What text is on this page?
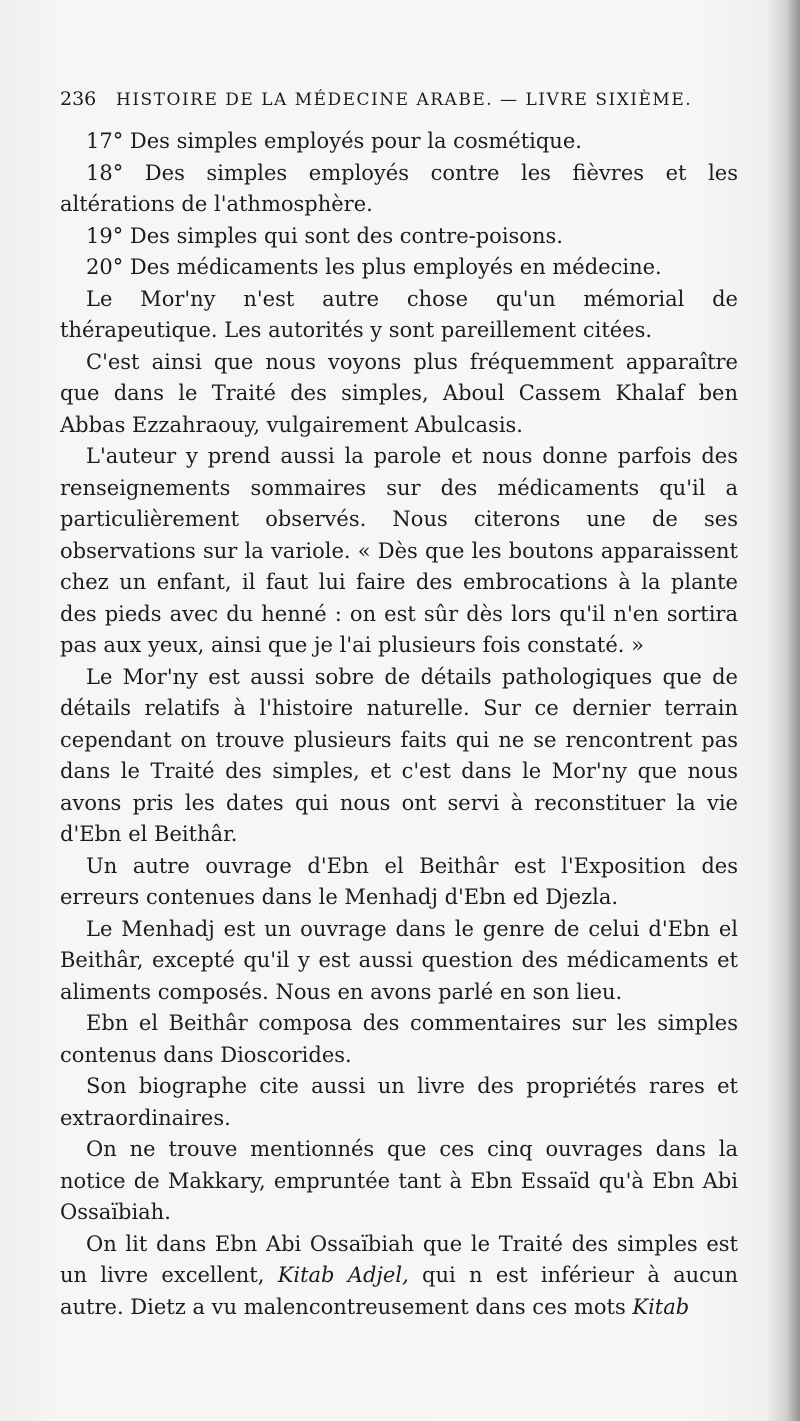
236 HISTOIRE DE LA MÉDECINE ARABE. — LIVRE SIXIÈME.

17° Des simples employés pour la cosmétique.

18° Des simples employés contre les fièvres et les altérations de l'athmosphère.

19° Des simples qui sont des contre-poisons.

20° Des médicaments les plus employés en médecine.

Le Mor'ny n'est autre chose qu'un mémorial de thérapeutique. Les autorités y sont pareillement citées.

C'est ainsi que nous voyons plus fréquemment apparaître que dans le Traité des simples, Aboul Cassem Khalaf ben Abbas Ezzahraouy, vulgairement Abulcasis.

L'auteur y prend aussi la parole et nous donne parfois des renseignements sommaires sur des médicaments qu'il a particulièrement observés. Nous citerons une de ses observations sur la variole. « Dès que les boutons apparaissent chez un enfant, il faut lui faire des embrocations à la plante des pieds avec du henné : on est sûr dès lors qu'il n'en sortira pas aux yeux, ainsi que je l'ai plusieurs fois constaté. »

Le Mor'ny est aussi sobre de détails pathologiques que de détails relatifs à l'histoire naturelle. Sur ce dernier terrain cependant on trouve plusieurs faits qui ne se rencontrent pas dans le Traité des simples, et c'est dans le Mor'ny que nous avons pris les dates qui nous ont servi à reconstituer la vie d'Ebn el Beithâr.

Un autre ouvrage d'Ebn el Beithâr est l'Exposition des erreurs contenues dans le Menhadj d'Ebn ed Djezla.

Le Menhadj est un ouvrage dans le genre de celui d'Ebn el Beithâr, excepté qu'il y est aussi question des médicaments et aliments composés. Nous en avons parlé en son lieu.

Ebn el Beithâr composa des commentaires sur les simples contenus dans Dioscorides.

Son biographe cite aussi un livre des propriétés rares et extraordinaires.

On ne trouve mentionnés que ces cinq ouvrages dans la notice de Makkary, empruntée tant à Ebn Essaïd qu'à Ebn Abi Ossaïbiah.

On lit dans Ebn Abi Ossaïbiah que le Traité des simples est un livre excellent, Kitab Adjel, qui n est inférieur à aucun autre. Dietz a vu malencontreusement dans ces mots Kitab
